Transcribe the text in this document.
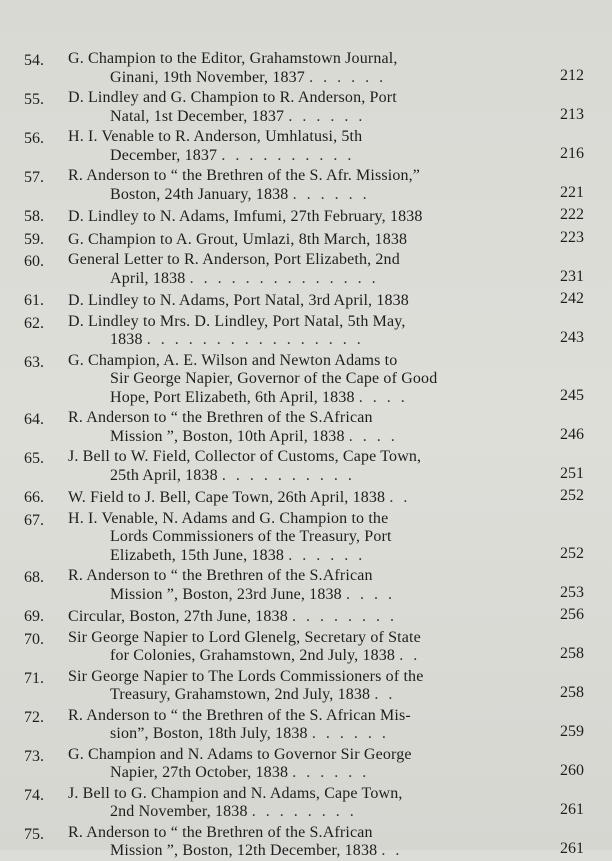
54.	G. Champion to the Editor, Grahamstown Journal,
Ginani, 19th November, 1837 . . . . . .	212
55.	D. Lindley and G. Champion to R. Anderson, Port
Natal, 1st December, 1837 . . . . . .	213
56.	H. I. Venable to R. Anderson, Umhlatusi, 5th
December, 1837 . . . . . . . . . .	216
57.	R. Anderson to “ the Brethren of the S. Afr. Mission,”
Boston, 24th January, 1838 . . . . . .	221
58.	D. Lindley to N. Adams, Imfumi, 27th February, 1838	222
59.	G. Champion to A. Grout, Umlazi, 8th March, 1838	223
60.	General Letter to R. Anderson, Port Elizabeth, 2nd
April, 1838 . . . . . . . . . . . . . .	231
61.	D. Lindley to N. Adams, Port Natal, 3rd April, 1838	242
62.	D. Lindley to Mrs. D. Lindley, Port Natal, 5th May,
1838 . . . . . . . . . . . . . . . .	243
63.	G. Champion, A. E. Wilson and Newton Adams to
Sir George Napier, Governor of the Cape of Good
Hope, Port Elizabeth, 6th April, 1838 . . . .	245
64.	R. Anderson to “ the Brethren of the S.African
Mission ”, Boston, 10th April, 1838 . . . .	246
65.	J. Bell to W. Field, Collector of Customs, Cape Town,
25th April, 1838 . . . . . . . . . .	251
66.	W. Field to J. Bell, Cape Town, 26th April, 1838 . .	252
67.	H. I. Venable, N. Adams and G. Champion to the
Lords Commissioners of the Treasury, Port
Elizabeth, 15th June, 1838 . . . . . .	252
68.	R. Anderson to “ the Brethren of the S.African
Mission ”, Boston, 23rd June, 1838 . . . .	253
69.	Circular, Boston, 27th June, 1838 . . . . . . . .	256
70.	Sir George Napier to Lord Glenelg, Secretary of State
for Colonies, Grahamstown, 2nd July, 1838 . .	258
71.	Sir George Napier to The Lords Commissioners of the
Treasury, Grahamstown, 2nd July, 1838 . .	258
72.	R. Anderson to “ the Brethren of the S. African Mis-
sion”, Boston, 18th July, 1838 . . . . . .	259
73.	G. Champion and N. Adams to Governor Sir George
Napier, 27th October, 1838 . . . . . .	260
74.	J. Bell to G. Champion and N. Adams, Cape Town,
2nd November, 1838 . . . . . . . .	261
75.	R. Anderson to “ the Brethren of the S.African
Mission ”, Boston, 12th December, 1838 . .	261
